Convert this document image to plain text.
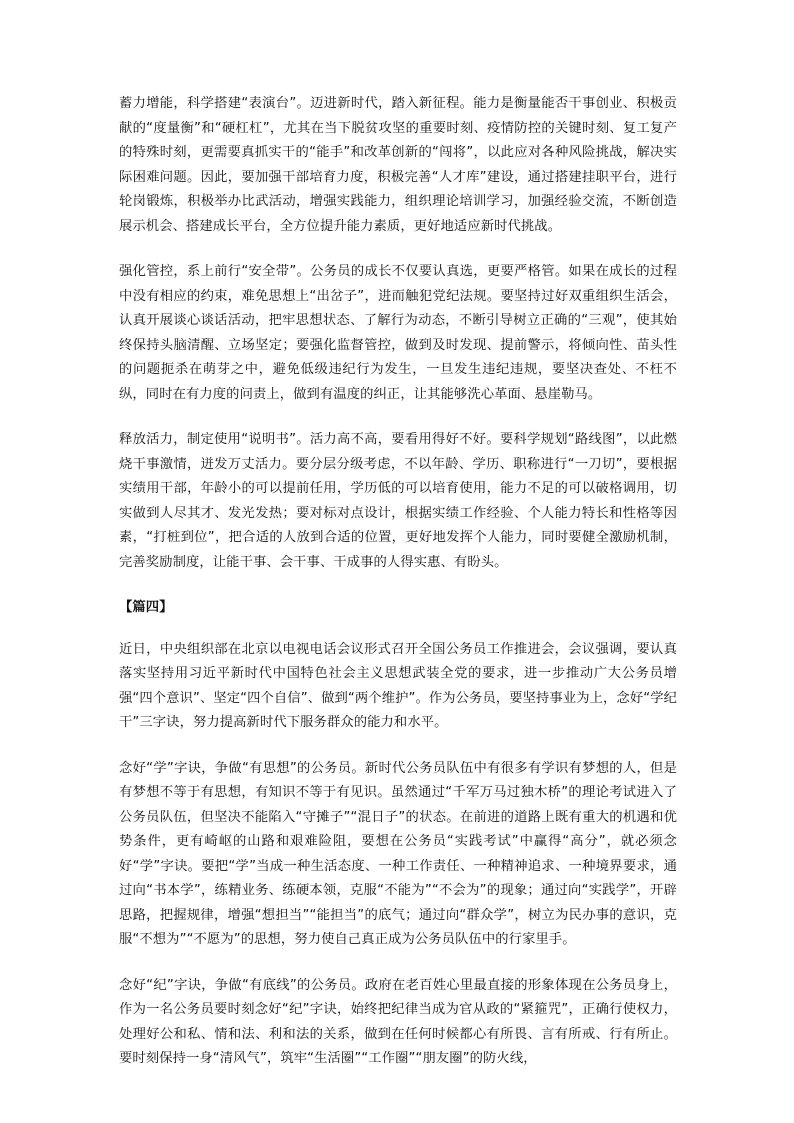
蓄力增能，科学搭建“表演台”。迈进新时代，踏入新征程。能力是衡量能否干事创业、积极贡献的“度量衡”和“硬杠杠”，尤其在当下脱贫攻坚的重要时刻、疫情防控的关键时刻、复工复产的特殊时刻，更需要真抓实干的“能手”和改革创新的“闯将”，以此应对各种风险挑战，解决实际困难问题。因此，要加强干部培育力度，积极完善“人才库”建设，通过搭建挂职平台，进行轮岗锻炼，积极举办比武活动，增强实践能力，组织理论培训学习，加强经验交流，不断创造展示机会、搭建成长平台，全方位提升能力素质，更好地适应新时代挑战。

强化管控，系上前行“安全带”。公务员的成长不仅要认真选，更要严格管。如果在成长的过程中没有相应的约束，难免思想上“出岔子”，进而触犯党纪法规。要坚持过好双重组织生活会，认真开展谈心谈话活动，把牢思想状态、了解行为动态，不断引导树立正确的“三观”，使其始终保持头脑清醒、立场坚定；要强化监督管控，做到及时发现、提前警示，将倾向性、苗头性的问题扼杀在萌芽之中，避免低级违纪行为发生，一旦发生违纪违规，要坚决查处、不枉不纵，同时在有力度的问责上，做到有温度的纠正，让其能够洗心革面、悬崖勒马。

释放活力，制定使用“说明书”。活力高不高，要看用得好不好。要科学规划“路线图”，以此燃烧干事激情，迸发万丈活力。要分层分级考虑，不以年龄、学历、职称进行“一刀切”，要根据实绩用干部，年龄小的可以提前任用，学历低的可以培育使用，能力不足的可以破格调用，切实做到人尽其才、发光发热；要对标对点设计，根据实绩工作经验、个人能力特长和性格等因素，“打桩到位”，把合适的人放到合适的位置，更好地发挥个人能力，同时要健全激励机制，完善奖励制度，让能干事、会干事、干成事的人得实惠、有盼头。

【篇四】

近日，中央组织部在北京以电视电话会议形式召开全国公务员工作推进会，会议强调，要认真落实坚持用习近平新时代中国特色社会主义思想武装全党的要求，进一步推动广大公务员增强“四个意识”、坚定“四个自信”、做到“两个维护”。作为公务员，要坚持事业为上，念好“学纪干”三字诀，努力提高新时代下服务群众的能力和水平。

念好“学”字诀，争做“有思想”的公务员。新时代公务员队伍中有很多有学识有梦想的人，但是有梦想不等于有思想，有知识不等于有见识。虽然通过“千军万马过独木桥”的理论考试进入了公务员队伍，但坚决不能陷入“守摊子”“混日子”的状态。在前进的道路上既有重大的机遇和优势条件，更有崎岖的山路和艰难险阻，要想在公务员“实践考试”中赢得“高分”，就必须念好“学”字诀。要把“学”当成一种生活态度、一种工作责任、一种精神追求、一种境界要求，通过向“书本学”，练精业务、练硬本领，克服“不能为”“不会为”的现象；通过向“实践学”，开辟思路，把握规律，增强“想担当”“能担当”的底气；通过向“群众学”，树立为民办事的意识，克服“不想为”“不愿为”的思想，努力使自己真正成为公务员队伍中的行家里手。

念好“纪”字诀，争做“有底线”的公务员。政府在老百姓心里最直接的形象体现在公务员身上，作为一名公务员要时刻念好“纪”字诀，始终把纪律当成为官从政的“紧箍咒”，正确行使权力，处理好公和私、情和法、利和法的关系，做到在任何时候都心有所畏、言有所戒、行有所止。要时刻保持一身“清风气”，筑牢“生活圈”“工作圈”“朋友圈”的防火线，
